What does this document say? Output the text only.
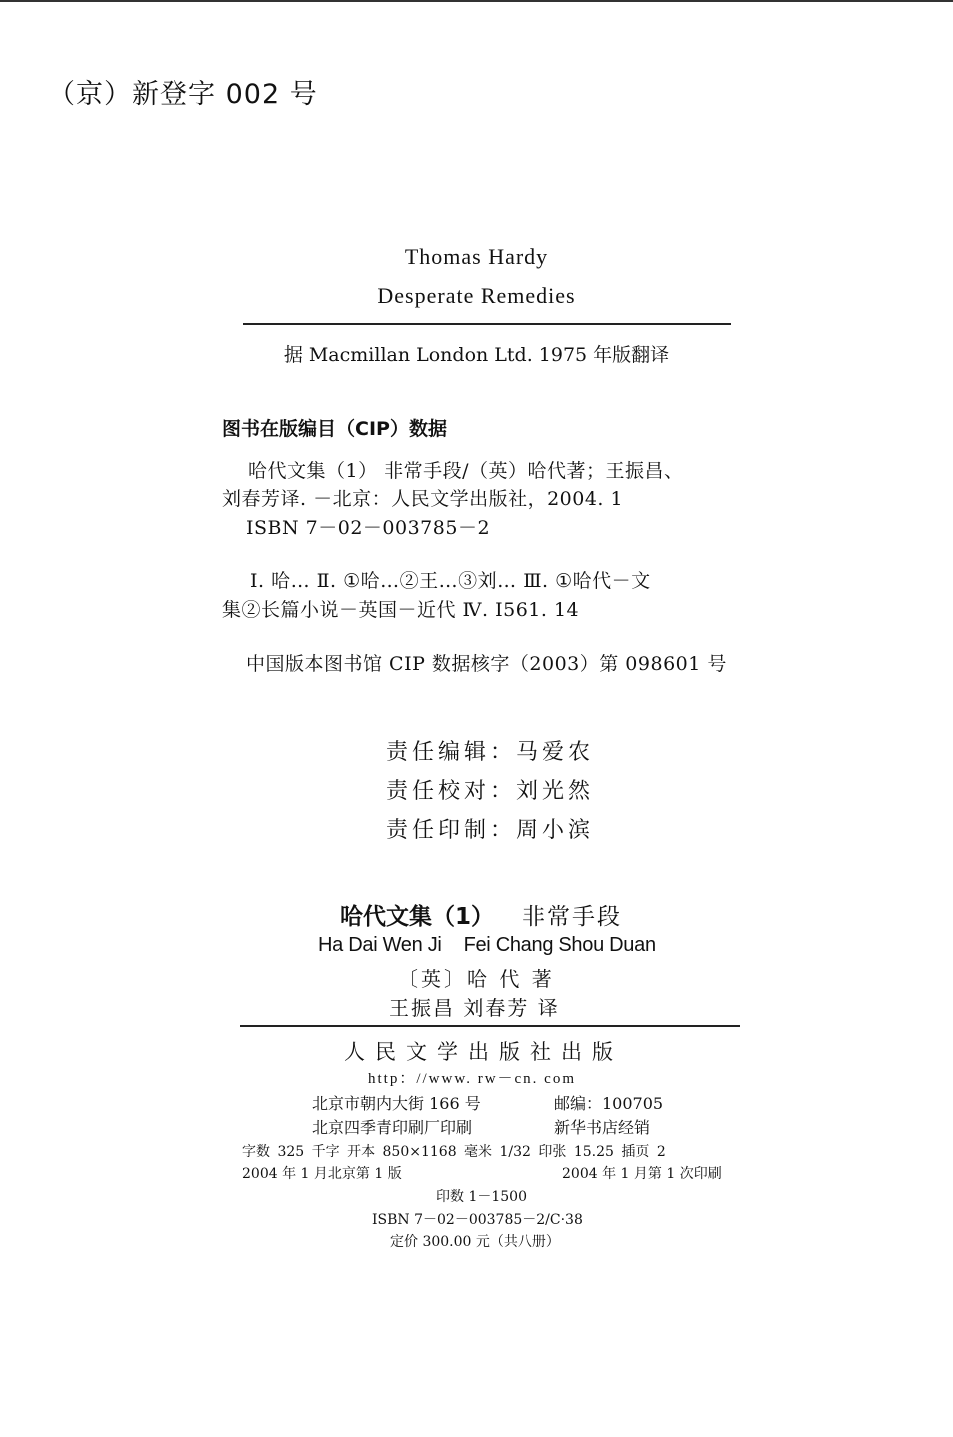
（京）新登字 002 号
Thomas Hardy
Desperate Remedies
据 Macmillan London Ltd. 1975 年版翻译
图书在版编目（CIP）数据
哈代文集（1） 非常手段/（英）哈代著；王振昌、
刘春芳译. －北京：人民文学出版社，2004. 1
ISBN 7－02－003785－2
Ⅰ. 哈… Ⅱ. ①哈…②王…③刘… Ⅲ. ①哈代－文
集②长篇小说－英国－近代 Ⅳ. I561. 14
中国版本图书馆 CIP 数据核字（2003）第 098601 号
责任编辑：马爱农
责任校对：刘光然
责任印制：周小滨
哈代文集（1） 非常手段
Ha Dai Wen Ji Fei Chang Shou Duan
〔英〕哈 代 著
王振昌 刘春芳 译
人民文学出版社出版
http：//www. rw－cn. com
北京市朝内大街 166 号	邮编：100705
北京四季青印刷厂印刷	新华书店经销
字数 325 千字 开本 850×1168 毫米 1/32 印张 15.25 插页 2
2004 年 1 月北京第 1 版	2004 年 1 月第 1 次印刷
印数 1－1500
ISBN 7－02－003785－2/C·38
定价 300.00 元（共八册）
